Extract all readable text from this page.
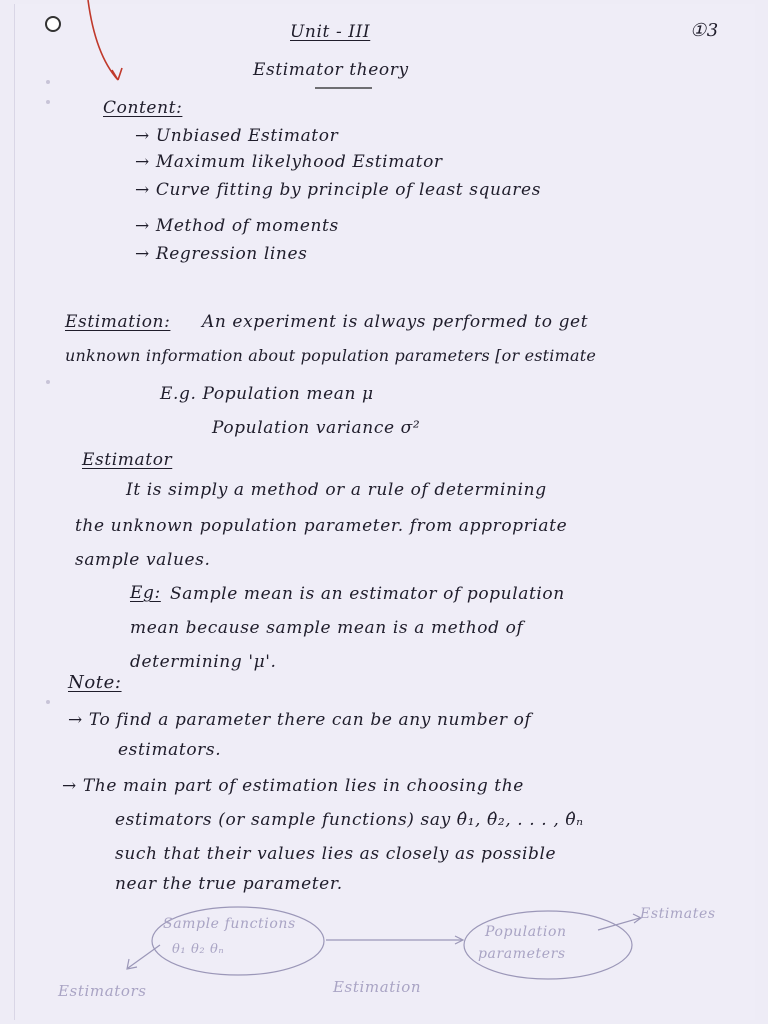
Unit - III
Estimator theory
①3
Content:
→ Unbiased Estimator
→ Maximum likelyhood Estimator
→ Curve fitting by principle of least squares
→ Method of moments
→ Regression lines
Estimation: An experiment is always performed to get
unknown information about population parameters [or estimate
E.g. Population mean μ
Population variance σ²
Estimator
It is simply a method or a rule of determining
the unknown population parameter. from appropriate
sample values.
Eg: Sample mean is an estimator of population
mean because sample mean is a method of
determining 'μ'.
Note:
→ To find a parameter there can be any number of
estimators.
→ The main part of estimation lies in choosing the
estimators (or sample functions) say θ̂₁, θ̂₂, . . . , θ̂ₙ
such that their values lies as closely as possible
near the true parameter.
Sample functions
θ₁ θ₂ θₙ
Population
parameters
Estimates
Estimators	Estimation
